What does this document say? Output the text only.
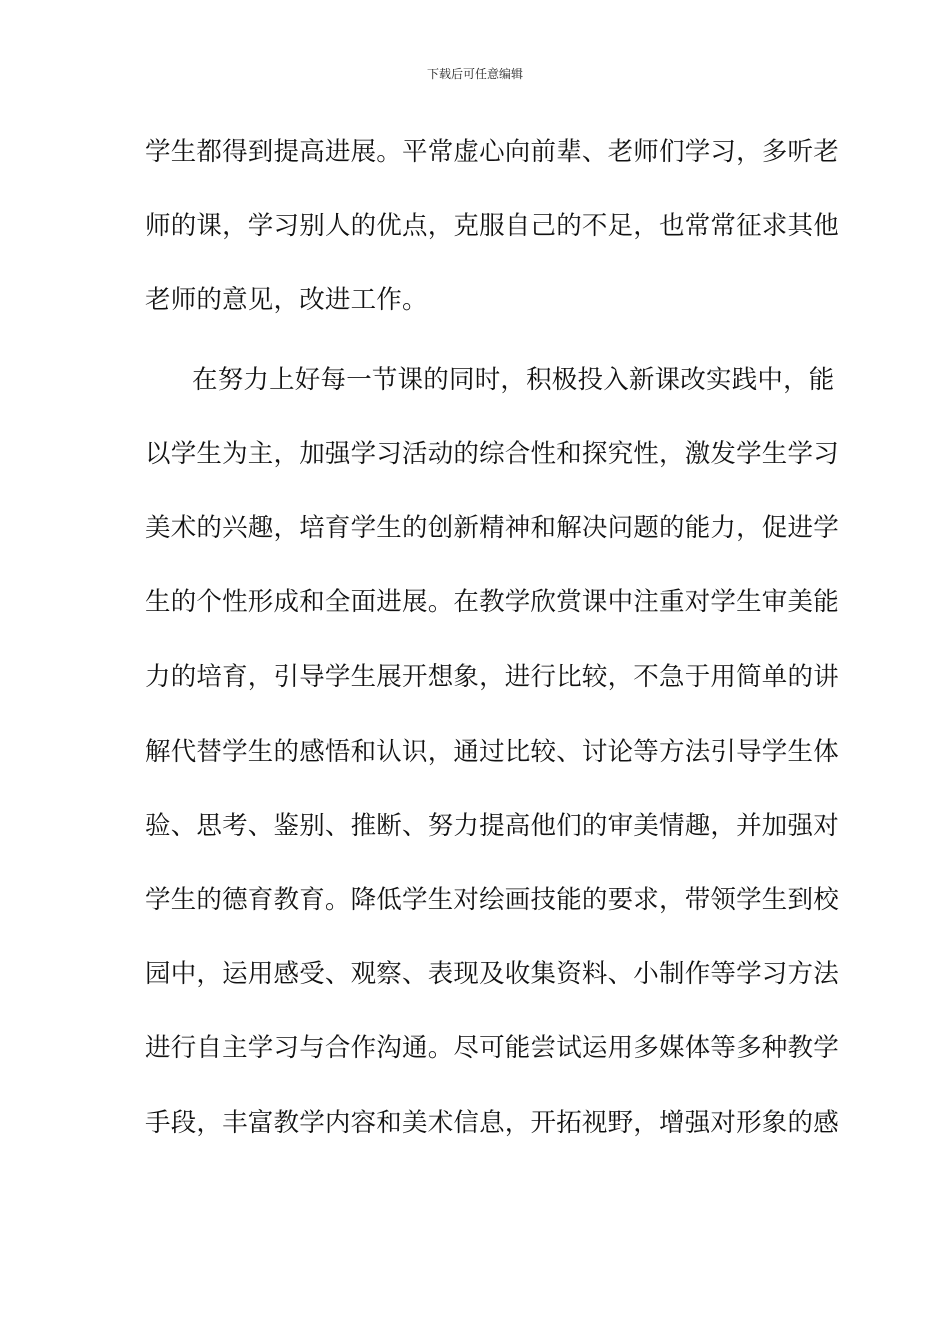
下载后可任意编辑
学生都得到提高进展。平常虚心向前辈、老师们学习，多听老
师的课，学习别人的优点，克服自己的不足，也常常征求其他
老师的意见，改进工作。
在努力上好每一节课的同时，积极投入新课改实践中，能
以学生为主，加强学习活动的综合性和探究性，激发学生学习
美术的兴趣，培育学生的创新精神和解决问题的能力，促进学
生的个性形成和全面进展。在教学欣赏课中注重对学生审美能
力的培育，引导学生展开想象，进行比较，不急于用简单的讲
解代替学生的感悟和认识，通过比较、讨论等方法引导学生体
验、思考、鉴别、推断、努力提高他们的审美情趣，并加强对
学生的德育教育。降低学生对绘画技能的要求，带领学生到校
园中，运用感受、观察、表现及收集资料、小制作等学习方法
进行自主学习与合作沟通。尽可能尝试运用多媒体等多种教学
手段，丰富教学内容和美术信息，开拓视野，增强对形象的感
